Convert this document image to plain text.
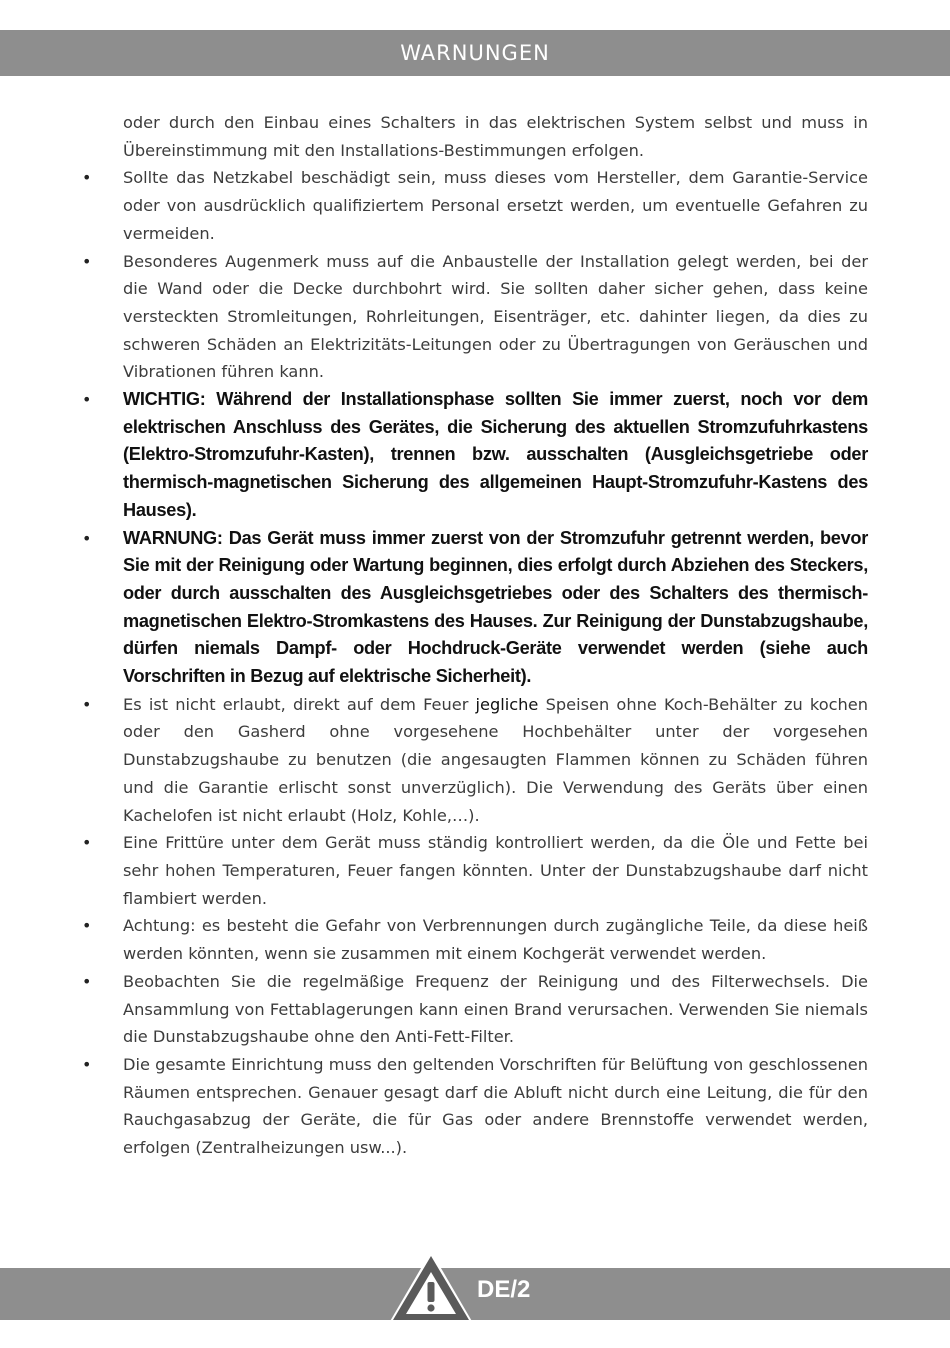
WARNUNGEN

oder durch den Einbau eines Schalters in das elektrischen System selbst und muss in Übereinstimmung mit den Installations-Bestimmungen erfolgen.

• Sollte das Netzkabel beschädigt sein, muss dieses vom Hersteller, dem Garantie-Service oder von ausdrücklich qualifiziertem Personal ersetzt werden, um eventuelle Gefahren zu vermeiden.

• Besonderes Augenmerk muss auf die Anbaustelle der Installation gelegt werden, bei der die Wand oder die Decke durchbohrt wird. Sie sollten daher sicher gehen, dass keine versteckten Stromleitungen, Rohrleitungen, Eisenträger, etc. dahinter liegen, da dies zu schweren Schäden an Elektrizitäts-Leitungen oder zu Übertragungen von Geräuschen und Vibrationen führen kann.

• WICHTIG: Während der Installationsphase sollten Sie immer zuerst, noch vor dem elektrischen Anschluss des Gerätes, die Sicherung des aktuellen Stromzufuhrkastens (Elektro-Stromzufuhr-Kasten), trennen bzw. ausschalten (Ausgleichsgetriebe oder thermisch-magnetischen Sicherung des allgemeinen Haupt-Stromzufuhr-Kastens des Hauses).

• WARNUNG: Das Gerät muss immer zuerst von der Stromzufuhr getrennt werden, bevor Sie mit der Reinigung oder Wartung beginnen, dies erfolgt durch Abziehen des Steckers, oder durch ausschalten des Ausgleichsgetriebes oder des Schalters des thermisch-magnetischen Elektro-Stromkastens des Hauses. Zur Reinigung der Dunstabzugshaube, dürfen niemals Dampf- oder Hochdruck-Geräte verwendet werden (siehe auch Vorschriften in Bezug auf elektrische Sicherheit).

• Es ist nicht erlaubt, direkt auf dem Feuer jegliche Speisen ohne Koch-Behälter zu kochen oder den Gasherd ohne vorgesehene Hochbehälter unter der vorgesehen Dunstabzugshaube zu benutzen (die angesaugten Flammen können zu Schäden führen und die Garantie erlischt sonst unverzüglich). Die Verwendung des Geräts über einen Kachelofen ist nicht erlaubt (Holz, Kohle,…).

• Eine Frittüre unter dem Gerät muss ständig kontrolliert werden, da die Öle und Fette bei sehr hohen Temperaturen, Feuer fangen könnten. Unter der Dunstabzugshaube darf nicht flambiert werden.

• Achtung: es besteht die Gefahr von Verbrennungen durch zugängliche Teile, da diese heiß werden könnten, wenn sie zusammen mit einem Kochgerät verwendet werden.

• Beobachten Sie die regelmäßige Frequenz der Reinigung und des Filterwechsels. Die Ansammlung von Fettablagerungen kann einen Brand verursachen. Verwenden Sie niemals die Dunstabzugshaube ohne den Anti-Fett-Filter.

• Die gesamte Einrichtung muss den geltenden Vorschriften für Belüftung von geschlossenen Räumen entsprechen. Genauer gesagt darf die Abluft nicht durch eine Leitung, die für den Rauchgasabzug der Geräte, die für Gas oder andere Brennstoffe verwendet werden, erfolgen (Zentralheizungen usw...).

DE/2
